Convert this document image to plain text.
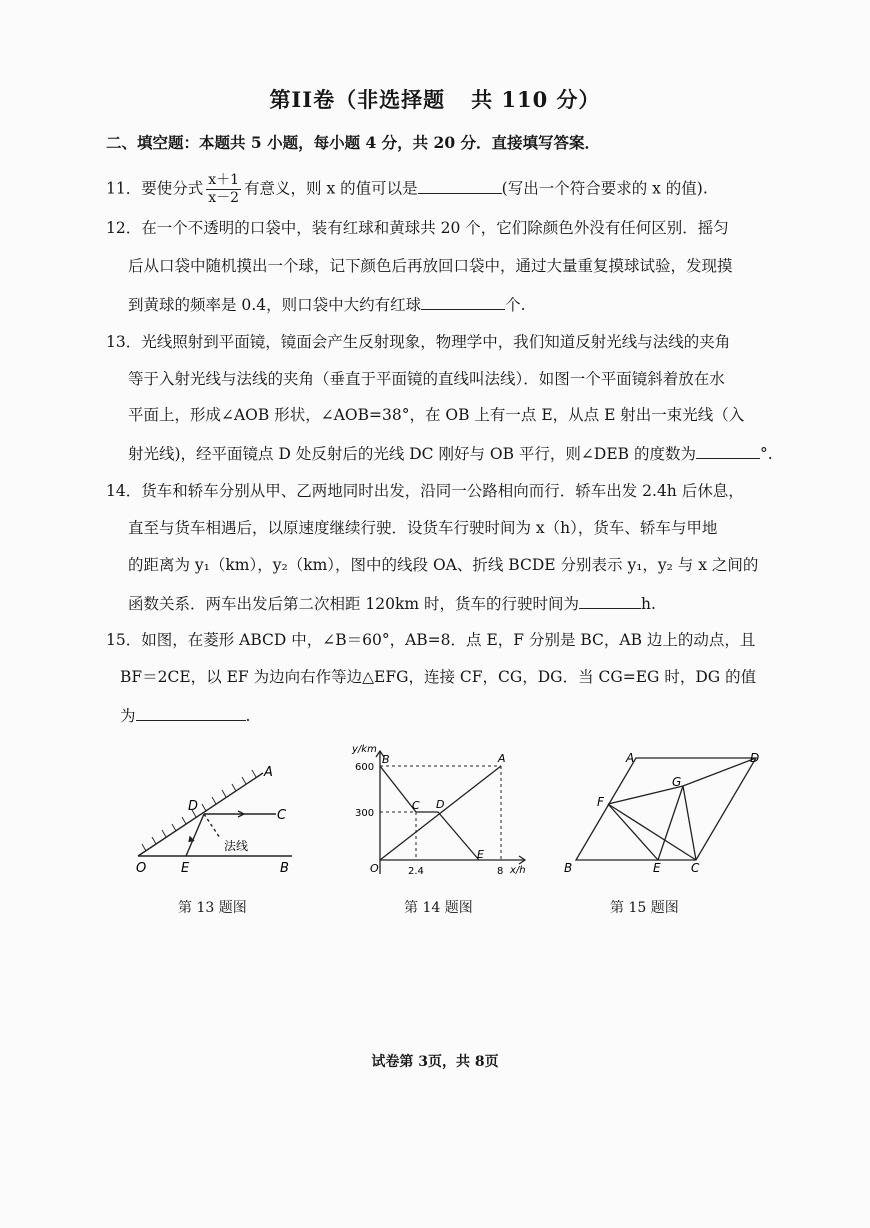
第II卷（非选择题 共 110 分）
二、填空题：本题共 5 小题，每小题 4 分，共 20 分．直接填写答案．
11．要使分式 $\frac{x+1}{x-2}$ 有意义，则 x 的值可以是	(写出一个符合要求的 x 的值).
12．在一个不透明的口袋中，装有红球和黄球共 20 个，它们除颜色外没有任何区别．摇匀
后从口袋中随机摸出一个球，记下颜色后再放回口袋中，通过大量重复摸球试验，发现摸
到黄球的频率是 0.4，则口袋中大约有红球	个.
13．光线照射到平面镜，镜面会产生反射现象，物理学中，我们知道反射光线与法线的夹角
等于入射光线与法线的夹角（垂直于平面镜的直线叫法线）．如图一个平面镜斜着放在水
平面上，形成∠AOB 形状，∠AOB=38°，在 OB 上有一点 E，从点 E 射出一束光线（入
射光线)，经平面镜点 D 处反射后的光线 DC 刚好与 OB 平行，则∠DEB 的度数为	°.
14．货车和轿车分别从甲、乙两地同时出发，沿同一公路相向而行．轿车出发 2.4h 后休息，
直至与货车相遇后，以原速度继续行驶．设货车行驶时间为 x（h），货车、轿车与甲地
的距离为 y₁（km），y₂（km），图中的线段 OA、折线 BCDE 分别表示 y₁，y₂ 与 x 之间的
函数关系．两车出发后第二次相距 120km 时，货车的行驶时间为	h.
15．如图，在菱形 ABCD 中，∠B＝60°，AB=8．点 E，F 分别是 BC，AB 边上的动点，且
BF＝2CE，以 EF 为边向右作等边△EFG，连接 CF，CG，DG．当 CG=EG 时，DG 的值
为	.
A
D
C
O	E	B
法线
第 13 题图
y/km
x/h
600
300
2.4	8
O
A
B
C D
E
第 14 题图
A
B	C
D
E
F
G
第 15 题图
试卷第 3页，共 8页
